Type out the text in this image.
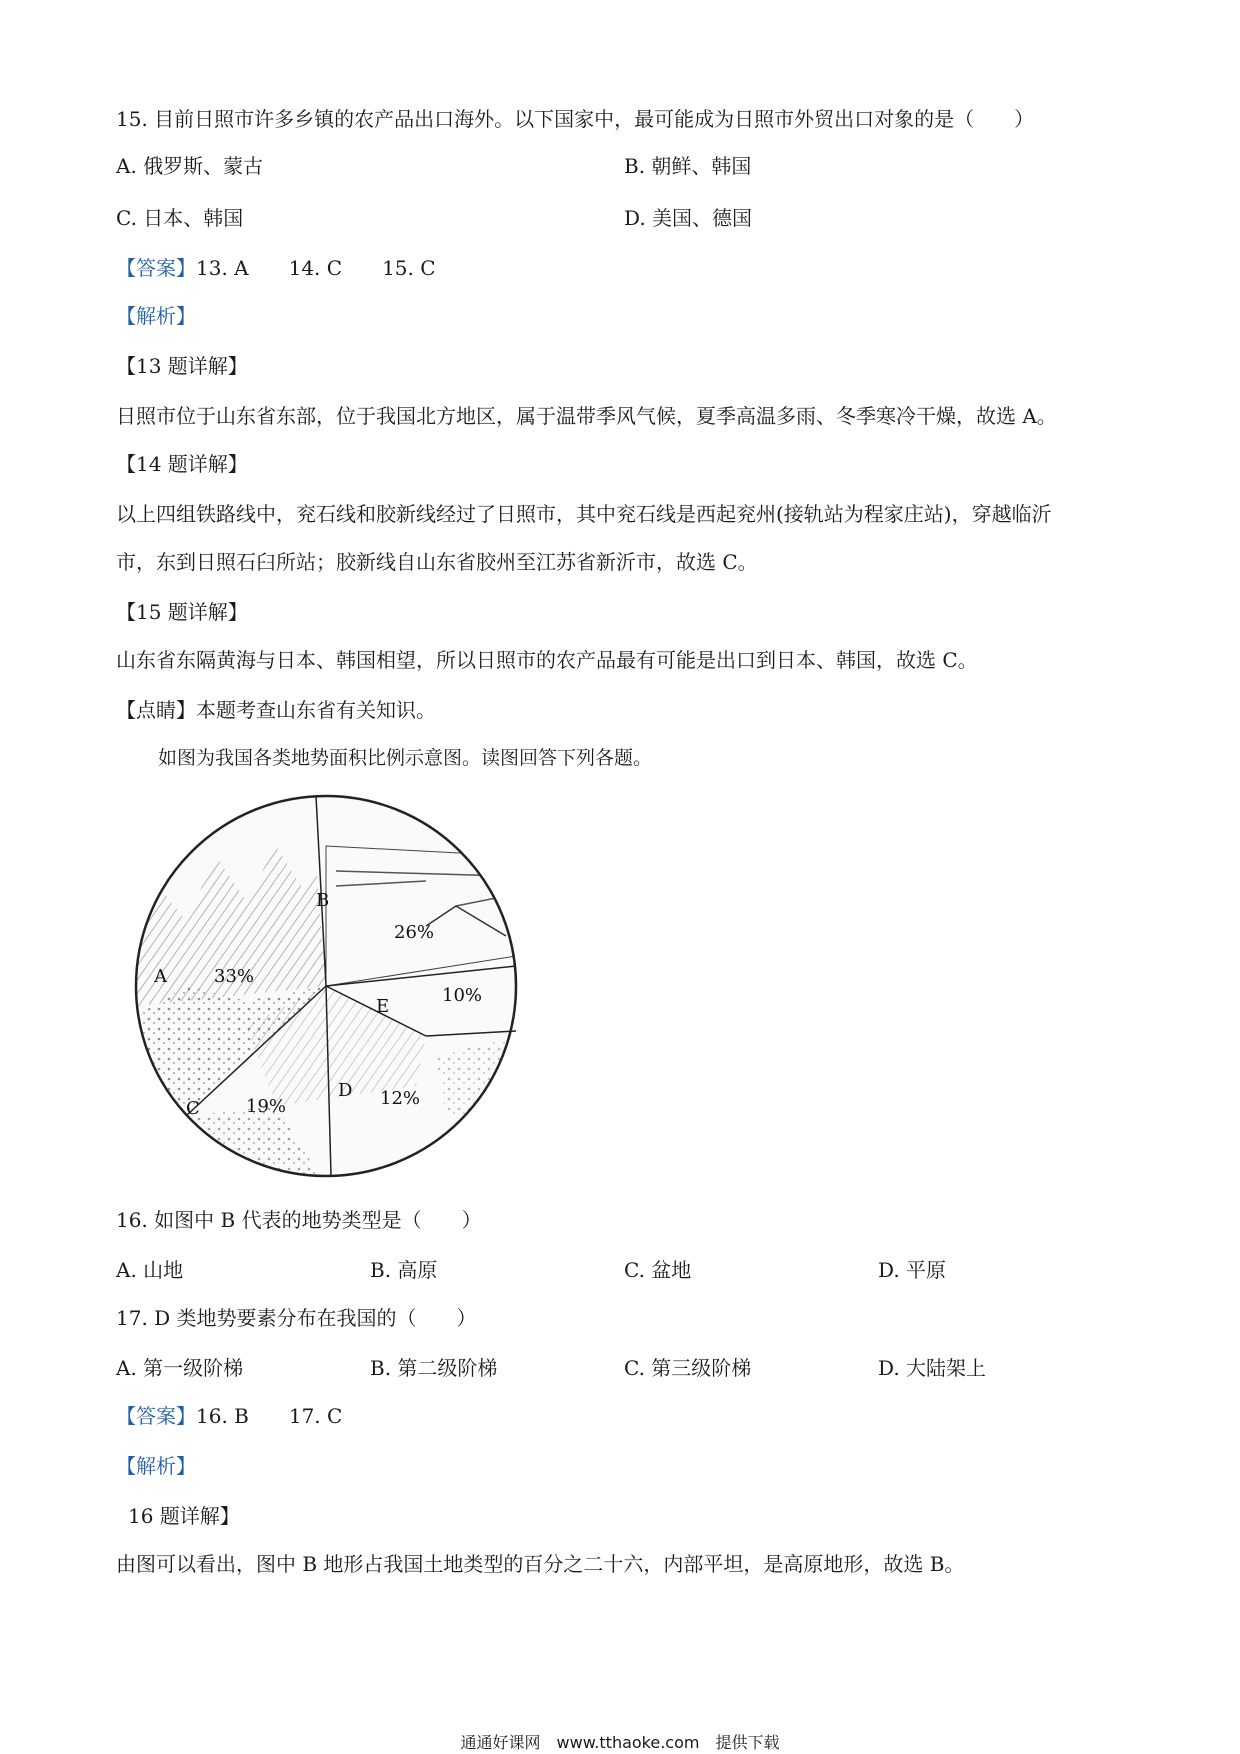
15. 目前日照市许多乡镇的农产品出口海外。以下国家中，最可能成为日照市外贸出口对象的是（　　）
A. 俄罗斯、蒙古	B. 朝鲜、韩国
C. 日本、韩国	D. 美国、德国
【答案】13. A　　14. C　　15. C
【解析】
【13 题详解】
日照市位于山东省东部，位于我国北方地区，属于温带季风气候，夏季高温多雨、冬季寒冷干燥，故选 A。
【14 题详解】
以上四组铁路线中，兖石线和胶新线经过了日照市，其中兖石线是西起兖州(接轨站为程家庄站)，穿越临沂
市，东到日照石臼所站；胶新线自山东省胶州至江苏省新沂市，故选 C。
【15 题详解】
山东省东隔黄海与日本、韩国相望，所以日照市的农产品最有可能是出口到日本、韩国，故选 C。
【点睛】本题考查山东省有关知识。
如图为我国各类地势面积比例示意图。读图回答下列各题。
A	33%
B
26%
E
10%
D 12%
C	19%
16. 如图中 B 代表的地势类型是（　　）
A. 山地	B. 高原	C. 盆地	D. 平原
17. D 类地势要素分布在我国的（　　）
A. 第一级阶梯	B. 第二级阶梯	C. 第三级阶梯	D. 大陆架上
【答案】16. B　　17. C
【解析】
16 题详解】
由图可以看出，图中 B 地形占我国土地类型的百分之二十六，内部平坦，是高原地形，故选 B。
通通好课网　www.tthaoke.com　提供下载
